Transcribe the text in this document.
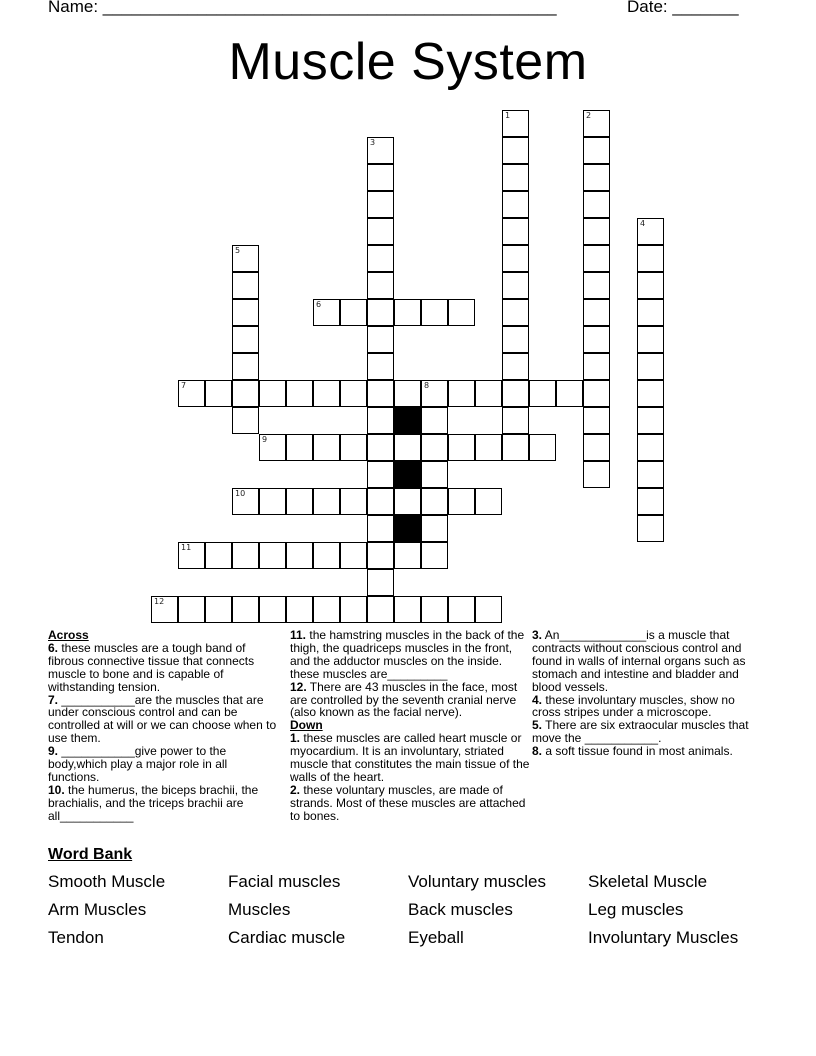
Name: ________________________________________________	Date: _______
Muscle System
1	2
3
4
5
6
7	8
9
10
11
12
Across
6. these muscles are a tough band of fibrous connective tissue that connects muscle to bone and is capable of withstanding tension.
7. ___________are the muscles that are under conscious control and can be controlled at will or we can choose when to use them.
9. ___________give power to the body,which play a major role in all functions.
10. the humerus, the biceps brachii, the brachialis, and the triceps brachii are all___________
11. the hamstring muscles in the back of the thigh, the quadriceps muscles in the front, and the adductor muscles on the inside. these muscles are_________
12. There are 43 muscles in the face, most are controlled by the seventh cranial nerve (also known as the facial nerve).
Down
1. these muscles are called heart muscle or myocardium. It is an involuntary, striated muscle that constitutes the main tissue of the walls of the heart.
2. these voluntary muscles, are made of strands. Most of these muscles are attached to bones.
3. An_____________is a muscle that contracts without conscious control and found in walls of internal organs such as stomach and intestine and bladder and blood vessels.
4. these involuntary muscles, show no cross stripes under a microscope.
5. There are six extraocular muscles that move the ___________.
8. a soft tissue found in most animals.
Word Bank
Smooth Muscle	Facial muscles	Voluntary muscles	Skeletal Muscle
Arm Muscles	Muscles	Back muscles	Leg muscles
Tendon	Cardiac muscle	Eyeball	Involuntary Muscles
